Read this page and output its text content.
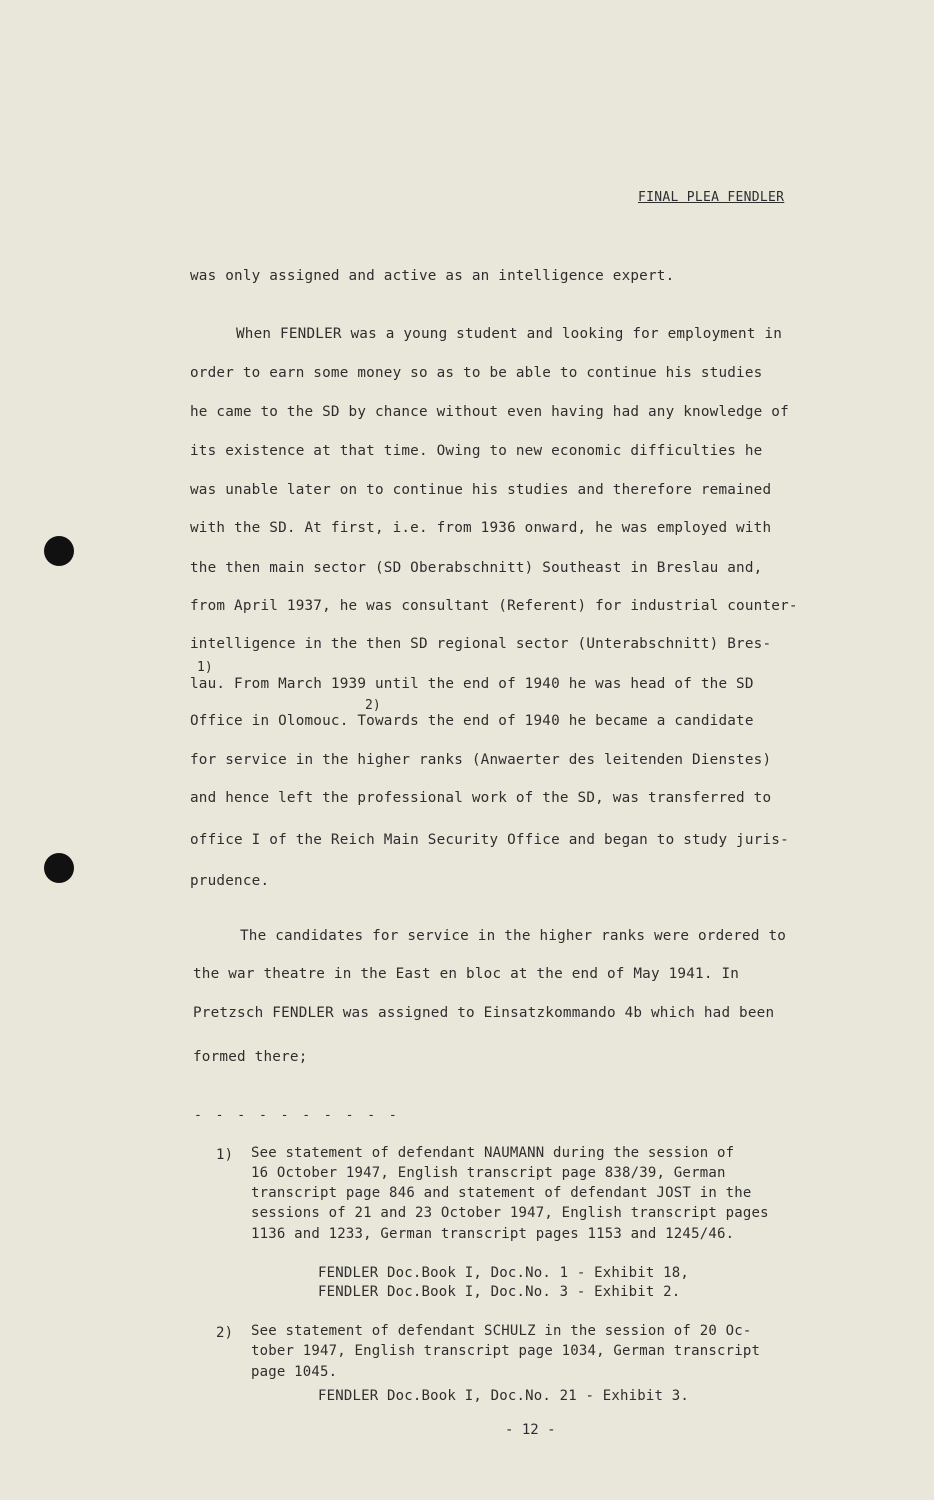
FINAL PLEA FENDLER
was only assigned and active as an intelligence expert.
When FENDLER was a young student and looking for employment in
order to earn some money so as to be able to continue his studies
he came to the SD by chance without even having had any knowledge of
its existence at that time. Owing to new economic difficulties he
was unable later on to continue his studies and therefore remained
with the SD. At first, i.e. from 1936 onward, he was employed with
the then main sector (SD Oberabschnitt) Southeast in Breslau and,
from April 1937, he was consultant (Referent) for industrial counter-
intelligence in the then SD regional sector (Unterabschnitt) Bres-
1)
lau. From March 1939 until the end of 1940 he was head of the SD
2)
Office in Olomouc. Towards the end of 1940 he became a candidate
for service in the higher ranks (Anwaerter des leitenden Dienstes)
and hence left the professional work of the SD, was transferred to
office I of the Reich Main Security Office and began to study juris-
prudence.
The candidates for service in the higher ranks were ordered to
the war theatre in the East en bloc at the end of May 1941. In
Pretzsch FENDLER was assigned to Einsatzkommando 4b which had been
formed there;
- - - - - - - - - -
1) See statement of defendant NAUMANN during the session of
16 October 1947, English transcript page 838/39, German
transcript page 846 and statement of defendant JOST in the
sessions of 21 and 23 October 1947, English transcript pages
1136 and 1233, German transcript pages 1153 and 1245/46.
FENDLER Doc.Book I, Doc.No. 1 - Exhibit 18,
FENDLER Doc.Book I, Doc.No. 3 - Exhibit 2.
2) See statement of defendant SCHULZ in the session of 20 Oc-
tober 1947, English transcript page 1034, German transcript
page 1045.
FENDLER Doc.Book I, Doc.No. 21 - Exhibit 3.
- 12 -
